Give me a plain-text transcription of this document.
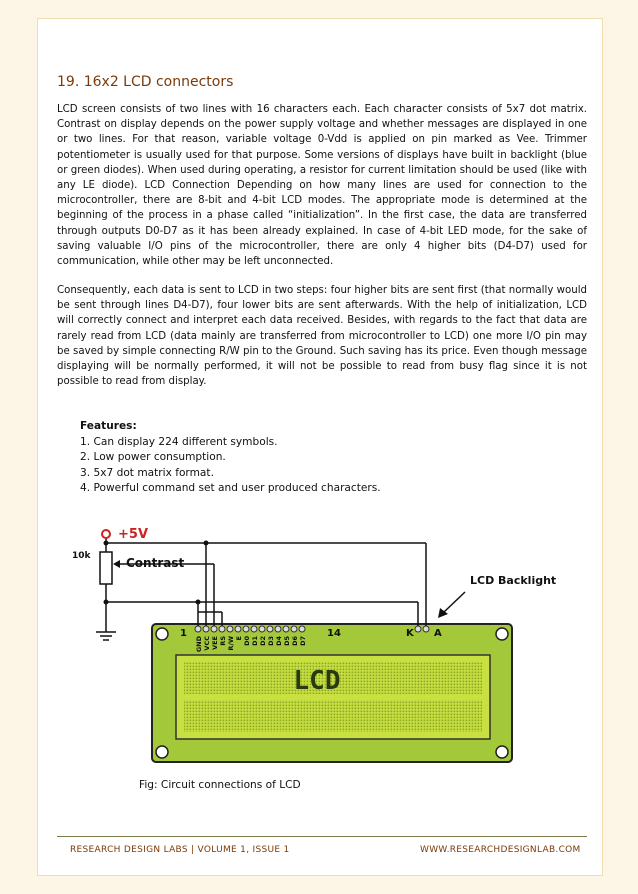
19. 16x2 LCD connectors

LCD screen consists of two lines with 16 characters each. Each character consists of 5x7 dot matrix. Contrast on display depends on the power supply voltage and whether messages are displayed in one or two lines. For that reason, variable voltage 0-Vdd is applied on pin marked as Vee. Trimmer potentiometer is usually used for that purpose. Some versions of displays have built in backlight (blue or green diodes). When used during operating, a resistor for current limitation should be used (like with any LE diode). LCD Connection Depending on how many lines are used for connection to the microcontroller, there are 8-bit and 4-bit LCD modes. The appropriate mode is determined at the beginning of the process in a phase called “initialization”. In the first case, the data are transferred through outputs D0-D7 as it has been already explained. In case of 4-bit LED mode, for the sake of saving valuable I/O pins of the microcontroller, there are only 4 higher bits (D4-D7) used for communication, while other may be left unconnected.

Consequently, each data is sent to LCD in two steps: four higher bits are sent first (that normally would be sent through lines D4-D7), four lower bits are sent afterwards. With the help of initialization, LCD will correctly connect and interpret each data received. Besides, with regards to the fact that data are rarely read from LCD (data mainly are transferred from microcontroller to LCD) one more I/O pin may be saved by simple connecting R/W pin to the Ground. Such saving has its price. Even though message displaying will be normally performed, it will not be possible to read from busy flag since it is not possible to read from display.

Features:
1. Can display 224 different symbols.
2. Low power consumption.
3. 5x7 dot matrix format.
4. Powerful command set and user produced characters.
LCD
1	14	K A
GND VCC VEE RS R/W E D0 D1 D2 D3 D4 D5 D6 D7
+5V
10k	Contrast
LCD Backlight
Fig: Circuit connections of LCD
RESEARCH DESIGN LABS | VOLUME 1, ISSUE 1	WWW.RESEARCHDESIGNLAB.COM
